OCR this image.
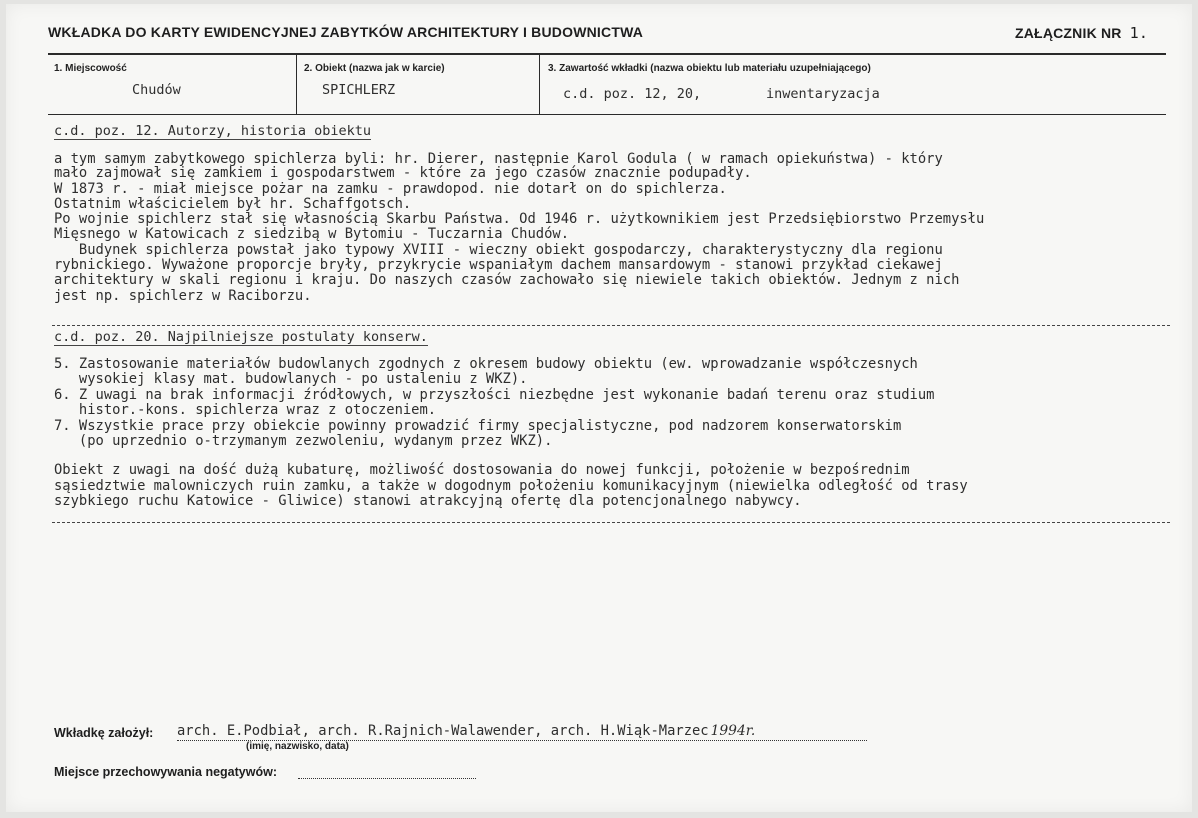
WKŁADKA DO KARTY EWIDENCYJNEJ ZABYTKÓW ARCHITEKTURY I BUDOWNICTWA	ZAŁĄCZNIK NR 1.
1. Miejscowość
Chudów
2. Obiekt (nazwa jak w karcie)
SPICHLERZ
3. Zawartość wkładki (nazwa obiektu lub materiału uzupełniającego)
c.d. poz. 12, 20,	inwentaryzacja
c.d. poz. 12. Autorzy, historia obiektu
a tym samym zabytkowego spichlerza byli: hr. Dierer, następnie Karol Godula ( w ramach opiekuństwa) - który
mało zajmował się zamkiem i gospodarstwem - które za jego czasów znacznie podupadły.
W 1873 r. - miał miejsce pożar na zamku - prawdopod. nie dotarł on do spichlerza.
Ostatnim właścicielem był hr. Schaffgotsch.
Po wojnie spichlerz stał się własnością Skarbu Państwa. Od 1946 r. użytkownikiem jest Przedsiębiorstwo Przemysłu
Mięsnego w Katowicach z siedzibą w Bytomiu - Tuczarnia Chudów.
Budynek spichlerza powstał jako typowy XVIII - wieczny obiekt gospodarczy, charakterystyczny dla regionu
rybnickiego. Wyważone proporcje bryły, przykrycie wspaniałym dachem mansardowym - stanowi przykład ciekawej
architektury w skali regionu i kraju. Do naszych czasów zachowało się niewiele takich obiektów. Jednym z nich
jest np. spichlerz w Raciborzu.
c.d. poz. 20. Najpilniejsze postulaty konserw.
5. Zastosowanie materiałów budowlanych zgodnych z okresem budowy obiektu (ew. wprowadzanie współczesnych
wysokiej klasy mat. budowlanych - po ustaleniu z WKZ).
6. Z uwagi na brak informacji źródłowych, w przyszłości niezbędne jest wykonanie badań terenu oraz studium
histor.-kons. spichlerza wraz z otoczeniem.
7. Wszystkie prace przy obiekcie powinny prowadzić firmy specjalistyczne, pod nadzorem konserwatorskim
(po uprzednio o-trzymanym zezwoleniu, wydanym przez WKZ).
Obiekt z uwagi na dość dużą kubaturę, możliwość dostosowania do nowej funkcji, położenie w bezpośrednim
sąsiedztwie malowniczych ruin zamku, a także w dogodnym położeniu komunikacyjnym (niewielka odległość od trasy
szybkiego ruchu Katowice - Gliwice) stanowi atrakcyjną ofertę dla potencjonalnego nabywcy.
Wkładkę założył: arch. E.Podbiał, arch. R.Rajnich-Walawender, arch. H.Wiąk-Marzec 1994r.
(imię, nazwisko, data)
Miejsce przechowywania negatywów:
